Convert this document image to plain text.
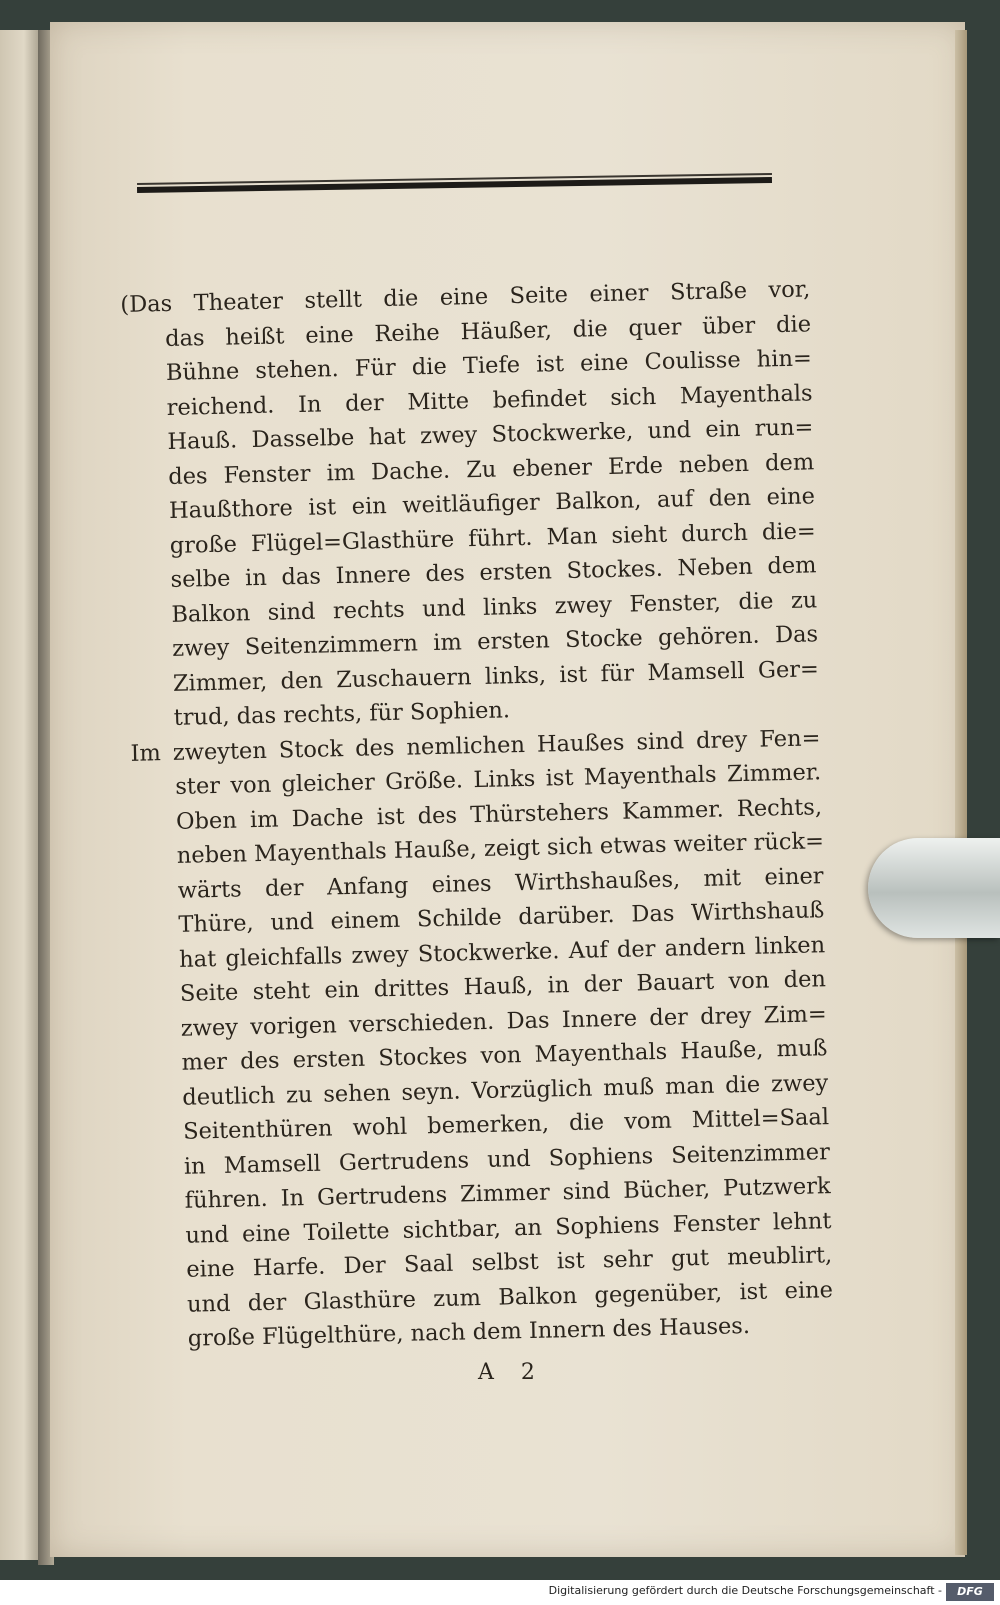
(Das Theater stellt die eine Seite einer Straße vor,
das heißt eine Reihe Häußer, die quer über die
Bühne stehen. Für die Tiefe ist eine Coulisse hin=
reichend. In der Mitte befindet sich Mayenthals
Hauß. Dasselbe hat zwey Stockwerke, und ein run=
des Fenster im Dache. Zu ebener Erde neben dem
Haußthore ist ein weitläufiger Balkon, auf den eine
große Flügel=Glasthüre führt. Man sieht durch die=
selbe in das Innere des ersten Stockes. Neben dem
Balkon sind rechts und links zwey Fenster, die zu
zwey Seitenzimmern im ersten Stocke gehören. Das
Zimmer, den Zuschauern links, ist für Mamsell Ger=
trud, das rechts, für Sophien.
Im zweyten Stock des nemlichen Haußes sind drey Fen=
ster von gleicher Größe. Links ist Mayenthals Zimmer.
Oben im Dache ist des Thürstehers Kammer. Rechts,
neben Mayenthals Hauße, zeigt sich etwas weiter rück=
wärts der Anfang eines Wirthshaußes, mit einer
Thüre, und einem Schilde darüber. Das Wirthshauß
hat gleichfalls zwey Stockwerke. Auf der andern linken
Seite steht ein drittes Hauß, in der Bauart von den
zwey vorigen verschieden. Das Innere der drey Zim=
mer des ersten Stockes von Mayenthals Hauße, muß
deutlich zu sehen seyn. Vorzüglich muß man die zwey
Seitenthüren wohl bemerken, die vom Mittel=Saal
in Mamsell Gertrudens und Sophiens Seitenzimmer
führen. In Gertrudens Zimmer sind Bücher, Putzwerk
und eine Toilette sichtbar, an Sophiens Fenster lehnt
eine Harfe. Der Saal selbst ist sehr gut meublirt,
und der Glasthüre zum Balkon gegenüber, ist eine
große Flügelthüre, nach dem Innern des Hauses.
A 2
Digitalisierung gefördert durch die Deutsche Forschungsgemeinschaft -	DFG
